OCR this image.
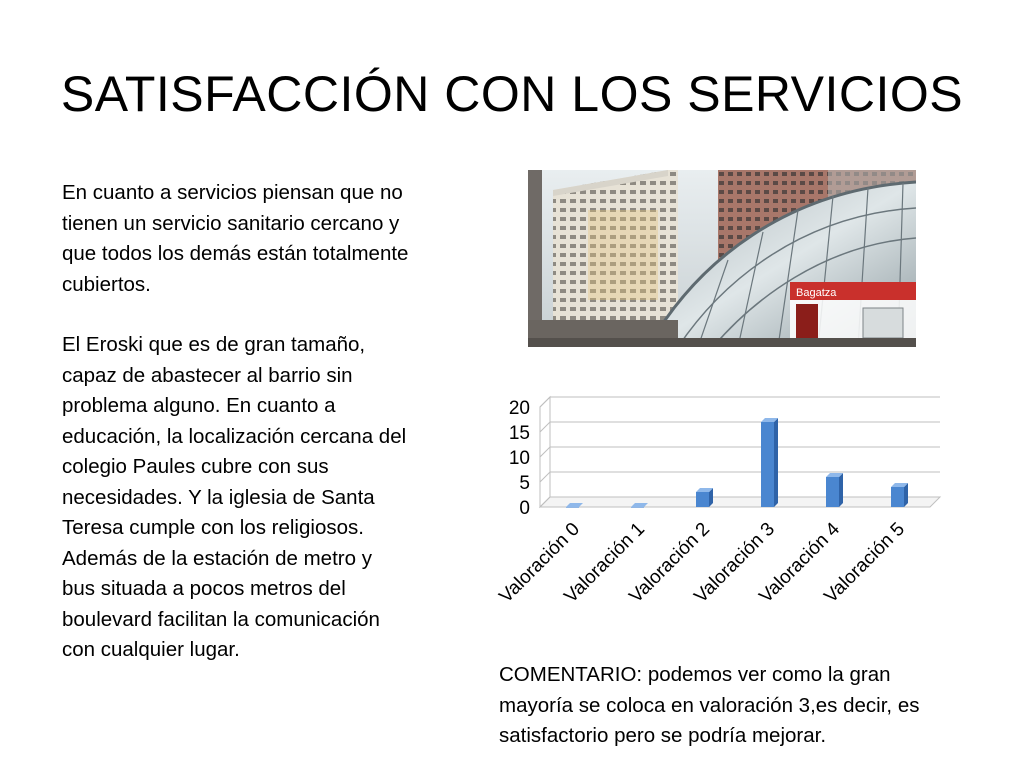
SATISFACCIÓN CON LOS SERVICIOS

En cuanto a servicios piensan que no tienen un servicio sanitario cercano y que todos los demás están totalmente cubiertos.

El Eroski que es de gran tamaño, capaz de abastecer al barrio sin problema alguno. En cuanto a educación, la localización cercana del colegio Paules cubre con sus necesidades. Y la iglesia de Santa Teresa cumple con los religiosos. Además de la estación de metro y bus situada a pocos metros del boulevard facilitan la comunicación con cualquier lugar.

Bagatza
0
5
10
15
20
Valoración 0
Valoración 1
Valoración 2
Valoración 3
Valoración 4
Valoración 5
COMENTARIO: podemos ver como la gran mayoría se coloca en valoración 3,es decir, es satisfactorio pero se podría mejorar.
